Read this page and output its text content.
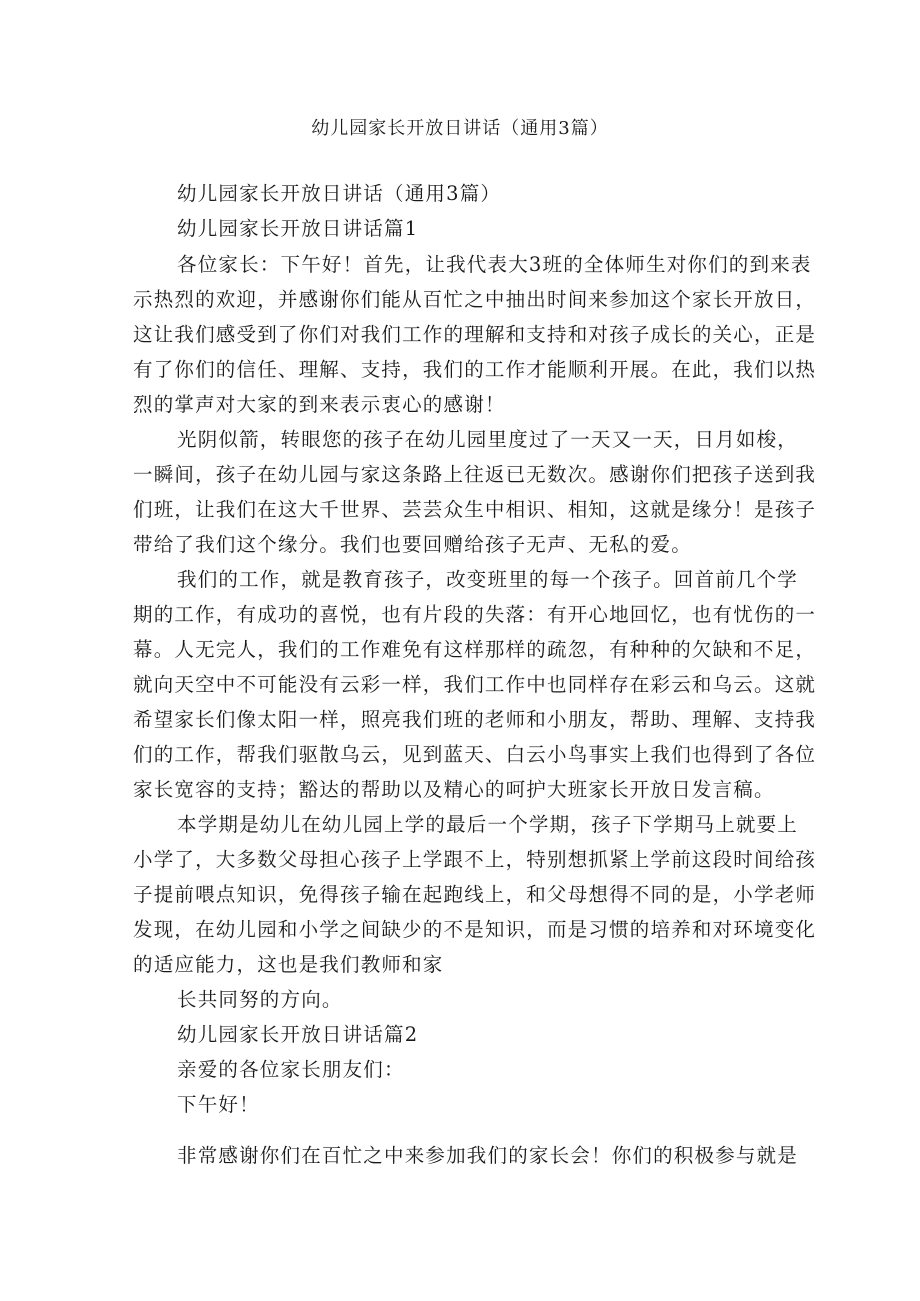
幼儿园家长开放日讲话（通用3篇）
幼儿园家长开放日讲话（通用3篇）
幼儿园家长开放日讲话篇1
各位家长：下午好！首先，让我代表大3班的全体师生对你们的到来表
示热烈的欢迎，并感谢你们能从百忙之中抽出时间来参加这个家长开放日，
这让我们感受到了你们对我们工作的理解和支持和对孩子成长的关心，正是
有了你们的信任、理解、支持，我们的工作才能顺利开展。在此，我们以热
烈的掌声对大家的到来表示衷心的感谢！
光阴似箭，转眼您的孩子在幼儿园里度过了一天又一天，日月如梭，
一瞬间，孩子在幼儿园与家这条路上往返已无数次。感谢你们把孩子送到我
们班，让我们在这大千世界、芸芸众生中相识、相知，这就是缘分！是孩子
带给了我们这个缘分。我们也要回赠给孩子无声、无私的爱。
我们的工作，就是教育孩子，改变班里的每一个孩子。回首前几个学
期的工作，有成功的喜悦，也有片段的失落：有开心地回忆，也有忧伤的一
幕。人无完人，我们的工作难免有这样那样的疏忽，有种种的欠缺和不足，
就向天空中不可能没有云彩一样，我们工作中也同样存在彩云和乌云。这就
希望家长们像太阳一样，照亮我们班的老师和小朋友，帮助、理解、支持我
们的工作，帮我们驱散乌云，见到蓝天、白云小鸟事实上我们也得到了各位
家长宽容的支持；豁达的帮助以及精心的呵护大班家长开放日发言稿。
本学期是幼儿在幼儿园上学的最后一个学期，孩子下学期马上就要上
小学了，大多数父母担心孩子上学跟不上，特别想抓紧上学前这段时间给孩
子提前喂点知识，免得孩子输在起跑线上，和父母想得不同的是，小学老师
发现，在幼儿园和小学之间缺少的不是知识，而是习惯的培养和对环境变化
的适应能力，这也是我们教师和家
长共同努的方向。
幼儿园家长开放日讲话篇2
亲爱的各位家长朋友们：
下午好！
非常感谢你们在百忙之中来参加我们的家长会！你们的积极参与就是
